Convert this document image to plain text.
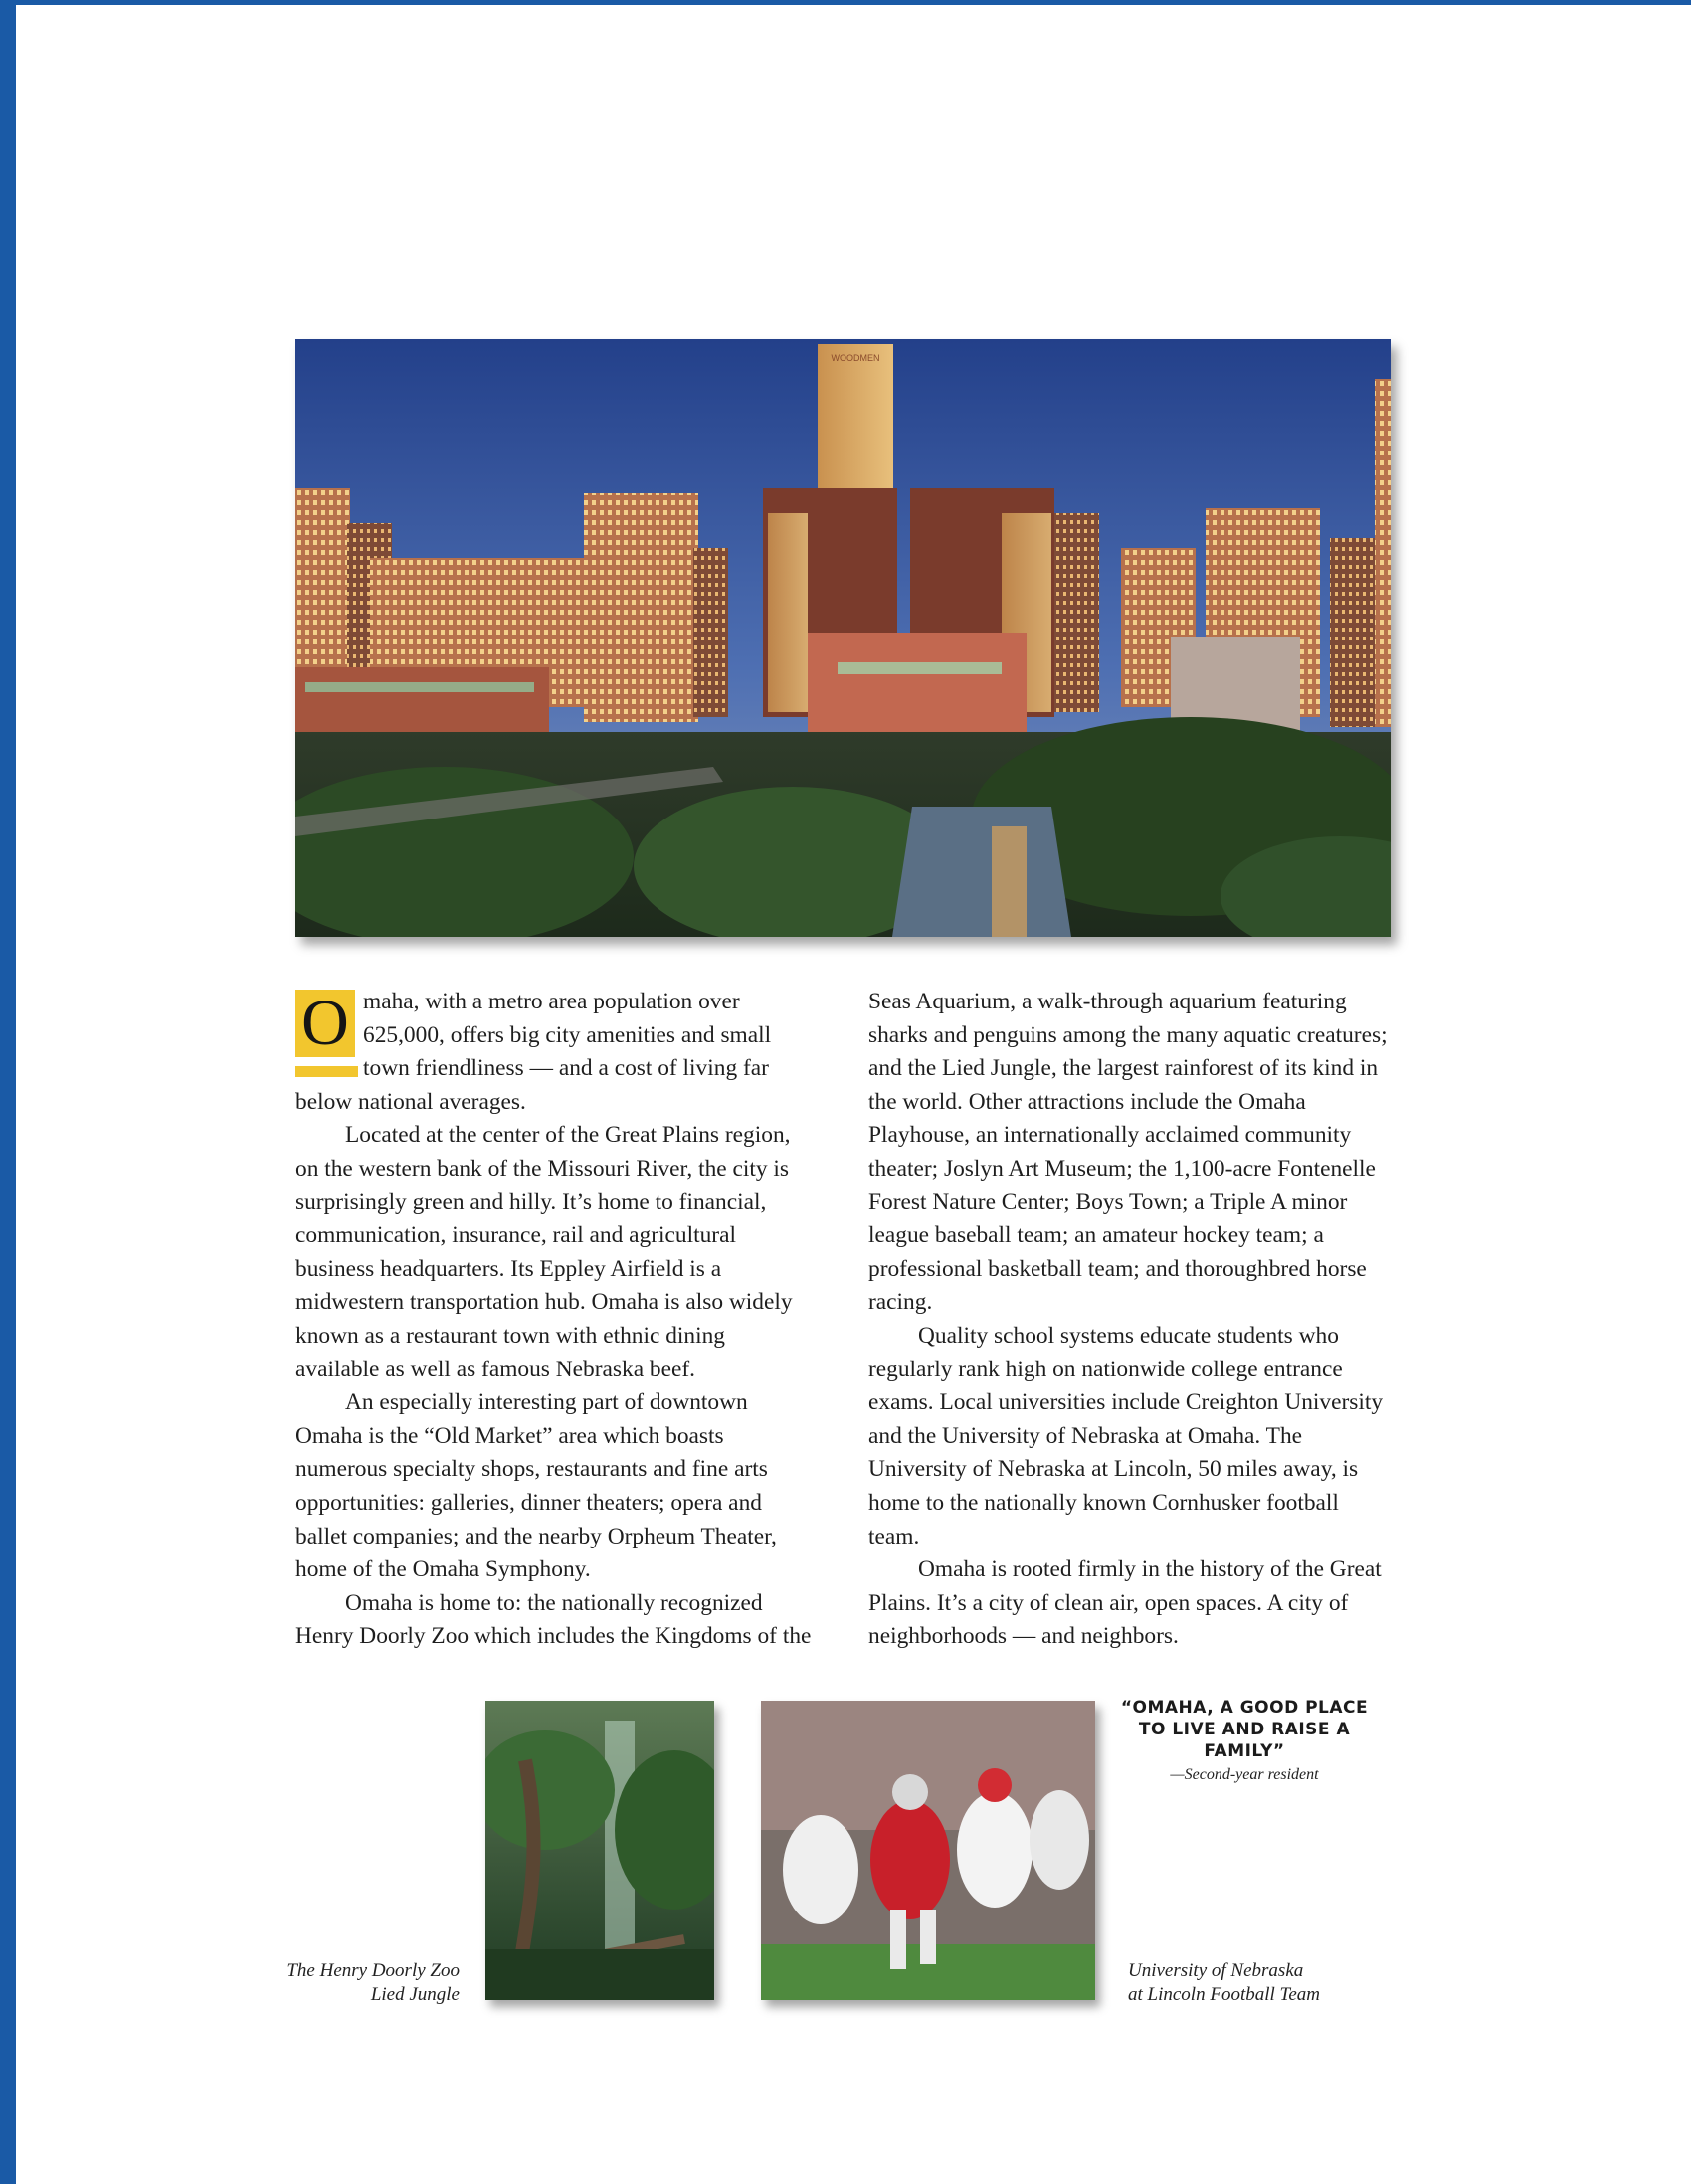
WOODMEN
O maha, with a metro area population over 625,000, offers big city amenities and small town friendliness — and a cost of living far below national averages.

Located at the center of the Great Plains region, on the western bank of the Missouri River, the city is surprisingly green and hilly. It’s home to financial, communication, insurance, rail and agricultural business headquarters. Its Eppley Airfield is a midwestern transportation hub. Omaha is also widely known as a restaurant town with ethnic dining available as well as famous Nebraska beef.

An especially interesting part of downtown Omaha is the “Old Market” area which boasts numerous specialty shops, restaurants and fine arts opportunities: galleries, dinner theaters; opera and ballet companies; and the nearby Orpheum Theater, home of the Omaha Symphony.

Omaha is home to: the nationally recognized Henry Doorly Zoo which includes the Kingdoms of the

Seas Aquarium, a walk-through aquarium featuring sharks and penguins among the many aquatic creatures; and the Lied Jungle, the largest rainforest of its kind in the world. Other attractions include the Omaha Playhouse, an internationally acclaimed community theater; Joslyn Art Museum; the 1,100-acre Fontenelle Forest Nature Center; Boys Town; a Triple A minor league baseball team; an amateur hockey team; a professional basketball team; and thoroughbred horse racing.

Quality school systems educate students who regularly rank high on nationwide college entrance exams. Local universities include Creighton University and the University of Nebraska at Omaha. The University of Nebraska at Lincoln, 50 miles away, is home to the nationally known Cornhusker football team.

Omaha is rooted firmly in the history of the Great Plains. It’s a city of clean air, open spaces. A city of neighborhoods — and neighbors.

The Henry Doorly Zoo
Lied Jungle
University of Nebraska
at Lincoln Football Team
“OMAHA, A GOOD PLACE TO LIVE AND RAISE A FAMILY”
—Second-year resident
